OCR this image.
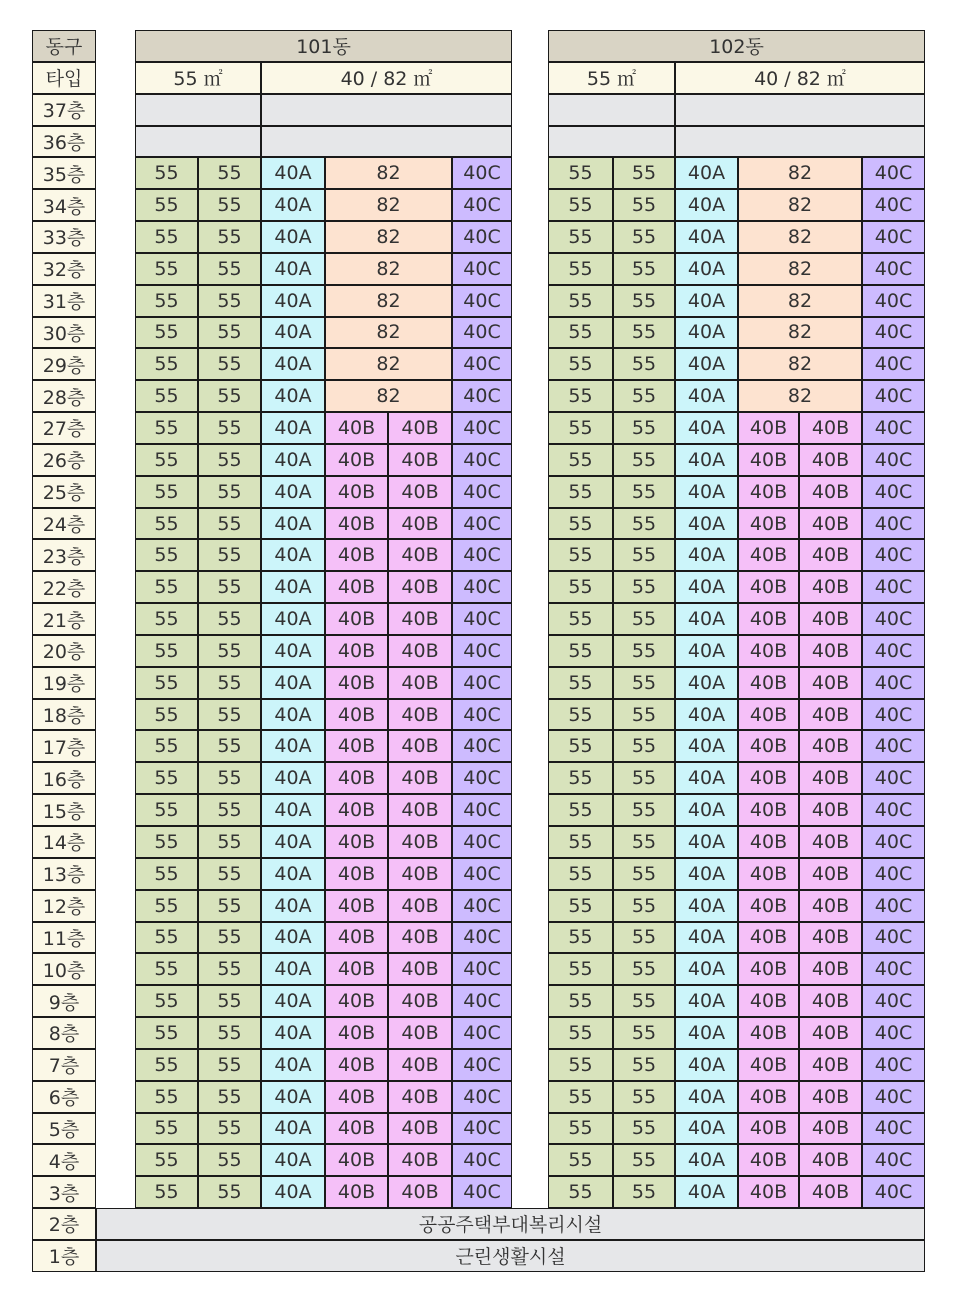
동구	101동	102동
타입	55 ㎡	40 / 82 ㎡	55 ㎡	40 / 82 ㎡
37층
36층
35층	55	55	40A	82	40C	55	55	40A	82	40C
34층	55	55	40A	82	40C	55	55	40A	82	40C
33층	55	55	40A	82	40C	55	55	40A	82	40C
32층	55	55	40A	82	40C	55	55	40A	82	40C
31층	55	55	40A	82	40C	55	55	40A	82	40C
30층	55	55	40A	82	40C	55	55	40A	82	40C
29층	55	55	40A	82	40C	55	55	40A	82	40C
28층	55	55	40A	82	40C	55	55	40A	82	40C
27층	55	55	40A	40B	40B	40C	55	55	40A	40B	40B	40C
26층	55	55	40A	40B	40B	40C	55	55	40A	40B	40B	40C
25층	55	55	40A	40B	40B	40C	55	55	40A	40B	40B	40C
24층	55	55	40A	40B	40B	40C	55	55	40A	40B	40B	40C
23층	55	55	40A	40B	40B	40C	55	55	40A	40B	40B	40C
22층	55	55	40A	40B	40B	40C	55	55	40A	40B	40B	40C
21층	55	55	40A	40B	40B	40C	55	55	40A	40B	40B	40C
20층	55	55	40A	40B	40B	40C	55	55	40A	40B	40B	40C
19층	55	55	40A	40B	40B	40C	55	55	40A	40B	40B	40C
18층	55	55	40A	40B	40B	40C	55	55	40A	40B	40B	40C
17층	55	55	40A	40B	40B	40C	55	55	40A	40B	40B	40C
16층	55	55	40A	40B	40B	40C	55	55	40A	40B	40B	40C
15층	55	55	40A	40B	40B	40C	55	55	40A	40B	40B	40C
14층	55	55	40A	40B	40B	40C	55	55	40A	40B	40B	40C
13층	55	55	40A	40B	40B	40C	55	55	40A	40B	40B	40C
12층	55	55	40A	40B	40B	40C	55	55	40A	40B	40B	40C
11층	55	55	40A	40B	40B	40C	55	55	40A	40B	40B	40C
10층	55	55	40A	40B	40B	40C	55	55	40A	40B	40B	40C
9층	55	55	40A	40B	40B	40C	55	55	40A	40B	40B	40C
8층	55	55	40A	40B	40B	40C	55	55	40A	40B	40B	40C
7층	55	55	40A	40B	40B	40C	55	55	40A	40B	40B	40C
6층	55	55	40A	40B	40B	40C	55	55	40A	40B	40B	40C
5층	55	55	40A	40B	40B	40C	55	55	40A	40B	40B	40C
4층	55	55	40A	40B	40B	40C	55	55	40A	40B	40B	40C
3층	55	55	40A	40B	40B	40C	55	55	40A	40B	40B	40C
2층	공공주택부대복리시설
1층	근린생활시설
